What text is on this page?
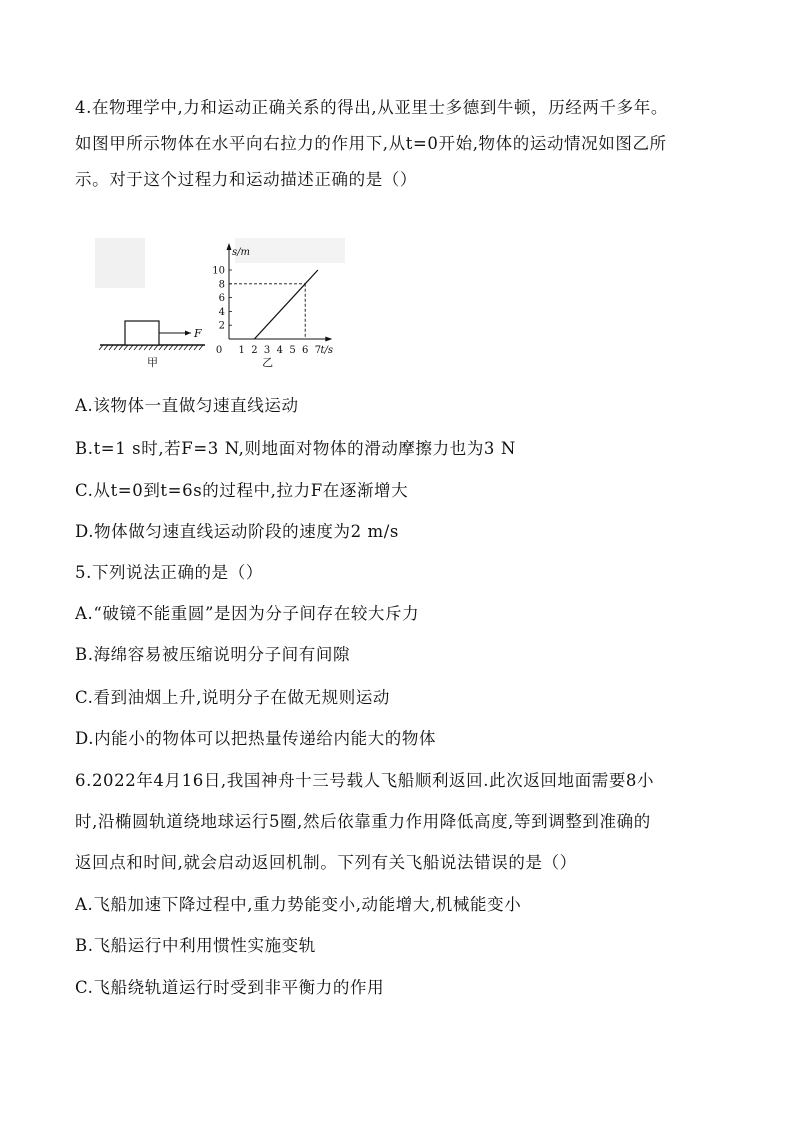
4.在物理学中,力和运动正确关系的得出,从亚里士多德到牛顿，历经两千多年。
如图甲所示物体在水平向右拉力的作用下,从t=0开始,物体的运动情况如图乙所
示。对于这个过程力和运动描述正确的是（）
F
甲
s/m
t/s
10
8
6
4
2
0 1 2 3 4 5 6 7
乙
A.该物体一直做匀速直线运动
B.t=1 s时,若F=3 N,则地面对物体的滑动摩擦力也为3 N
C.从t=0到t=6s的过程中,拉力F在逐渐增大
D.物体做匀速直线运动阶段的速度为2 m/s
5.下列说法正确的是（）
A.“破镜不能重圆”是因为分子间存在较大斥力
B.海绵容易被压缩说明分子间有间隙
C.看到油烟上升,说明分子在做无规则运动
D.内能小的物体可以把热量传递给内能大的物体
6.2022年4月16日,我国神舟十三号载人飞船顺利返回.此次返回地面需要8小
时,沿椭圆轨道绕地球运行5圈,然后依靠重力作用降低高度,等到调整到准确的
返回点和时间,就会启动返回机制。下列有关飞船说法错误的是（）
A.飞船加速下降过程中,重力势能变小,动能增大,机械能变小
B.飞船运行中利用惯性实施变轨
C.飞船绕轨道运行时受到非平衡力的作用
